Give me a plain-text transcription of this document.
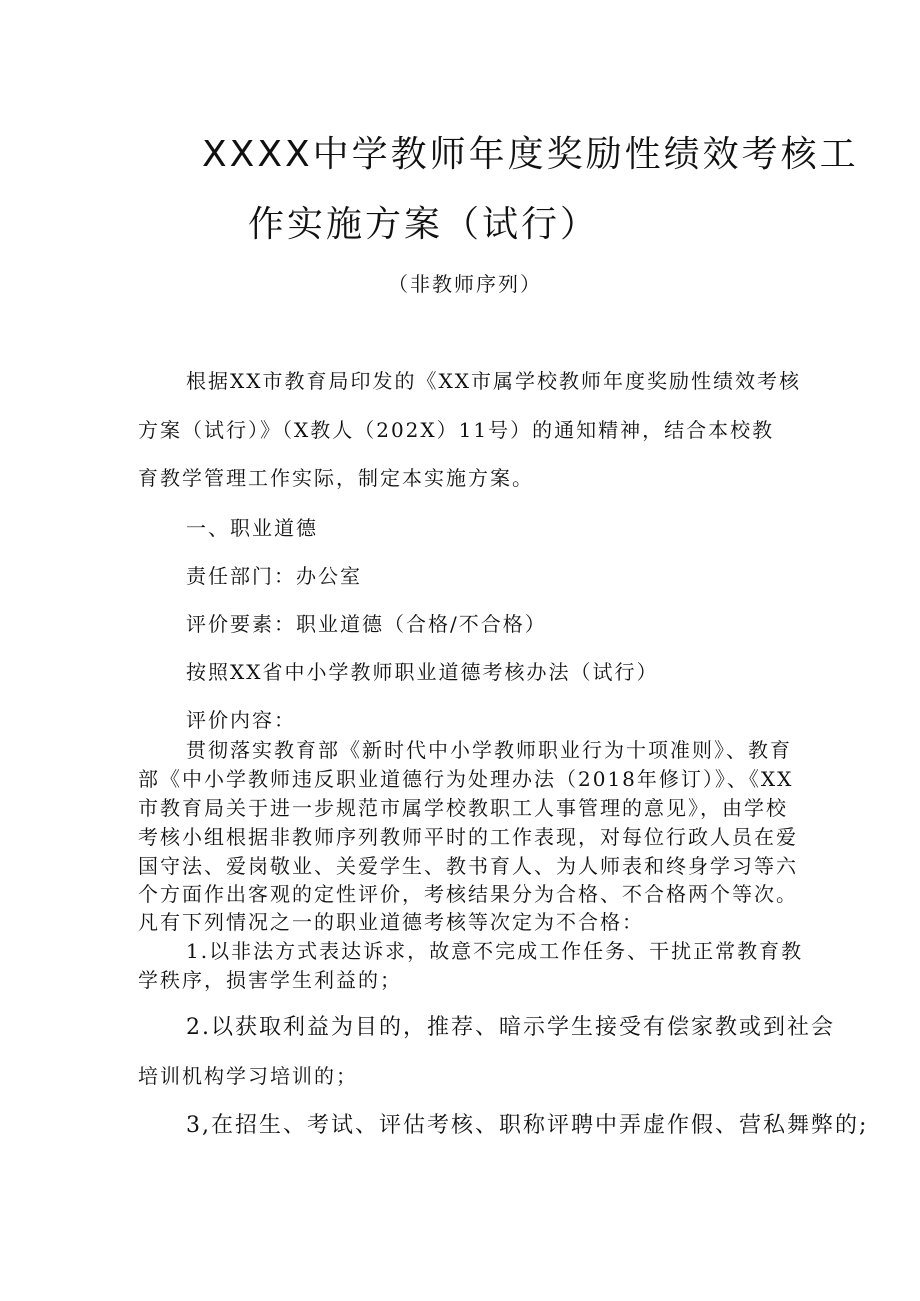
XXXX中学教师年度奖励性绩效考核工
作实施方案（试行）
（非教师序列）
根据XX市教育局印发的《XX市属学校教师年度奖励性绩效考核
方案（试行）》（X教人（202X）11号）的通知精神，结合本校教
育教学管理工作实际，制定本实施方案。
一、职业道德
责任部门：办公室
评价要素：职业道德（合格/不合格）
按照XX省中小学教师职业道德考核办法（试行）
评价内容：
贯彻落实教育部《新时代中小学教师职业行为十项准则》、教育
部《中小学教师违反职业道德行为处理办法（2018年修订）》、《XX
市教育局关于进一步规范市属学校教职工人事管理的意见》，由学校
考核小组根据非教师序列教师平时的工作表现，对每位行政人员在爱
国守法、爱岗敬业、关爱学生、教书育人、为人师表和终身学习等六
个方面作出客观的定性评价，考核结果分为合格、不合格两个等次。
凡有下列情况之一的职业道德考核等次定为不合格：
1.以非法方式表达诉求，故意不完成工作任务、干扰正常教育教
学秩序，损害学生利益的；
2.以获取利益为目的，推荐、暗示学生接受有偿家教或到社会
培训机构学习培训的；
3,在招生、考试、评估考核、职称评聘中弄虚作假、营私舞弊的;
